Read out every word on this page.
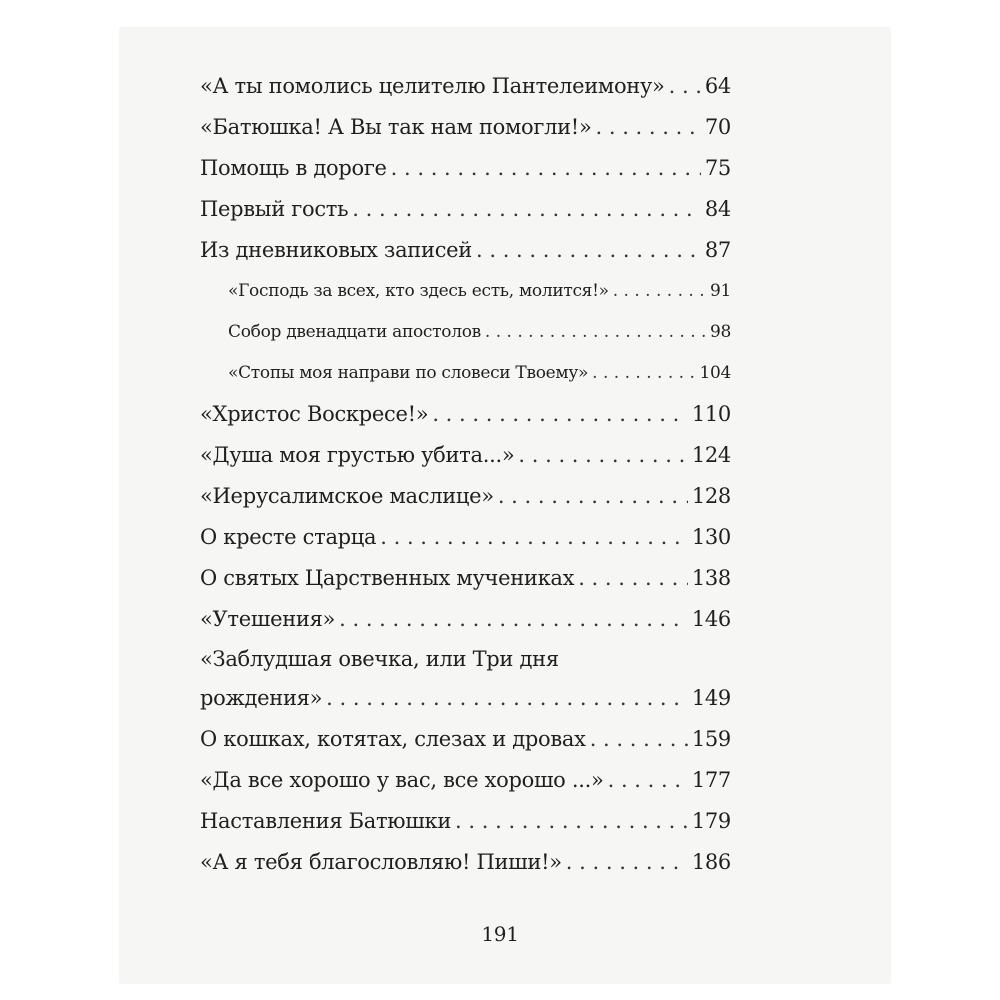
«А ты помолись целителю Пантелеимону» . . . 64
«Батюшка! А Вы так нам помогли!» . . .	70
Помощь в дороге . . .	75
Первый гость . . .	84
Из дневниковых записей . . .	87
«Господь за всех, кто здесь есть, молится!» . . .	91
Собор двенадцати апостолов . . .	98
«Стопы моя направи по словеси Твоему» . . .	104
«Христос Воскресе!» . . .	110
«Душа моя грустью убита...» . . .	124
«Иерусалимское маслице» . . .	128
О кресте старца . . .	130
О святых Царственных мучениках . . .	138
«Утешения» . . .	146
«Заблудшая овечка, или Три дня
рождения» . . .	149
О кошках, котятах, слезах и дровах . . .	159
«Да все хорошо у вас, все хорошо ...» . . .	177
Наставления Батюшки . . .	179
«А я тебя благословляю! Пиши!» . . .	186
191
